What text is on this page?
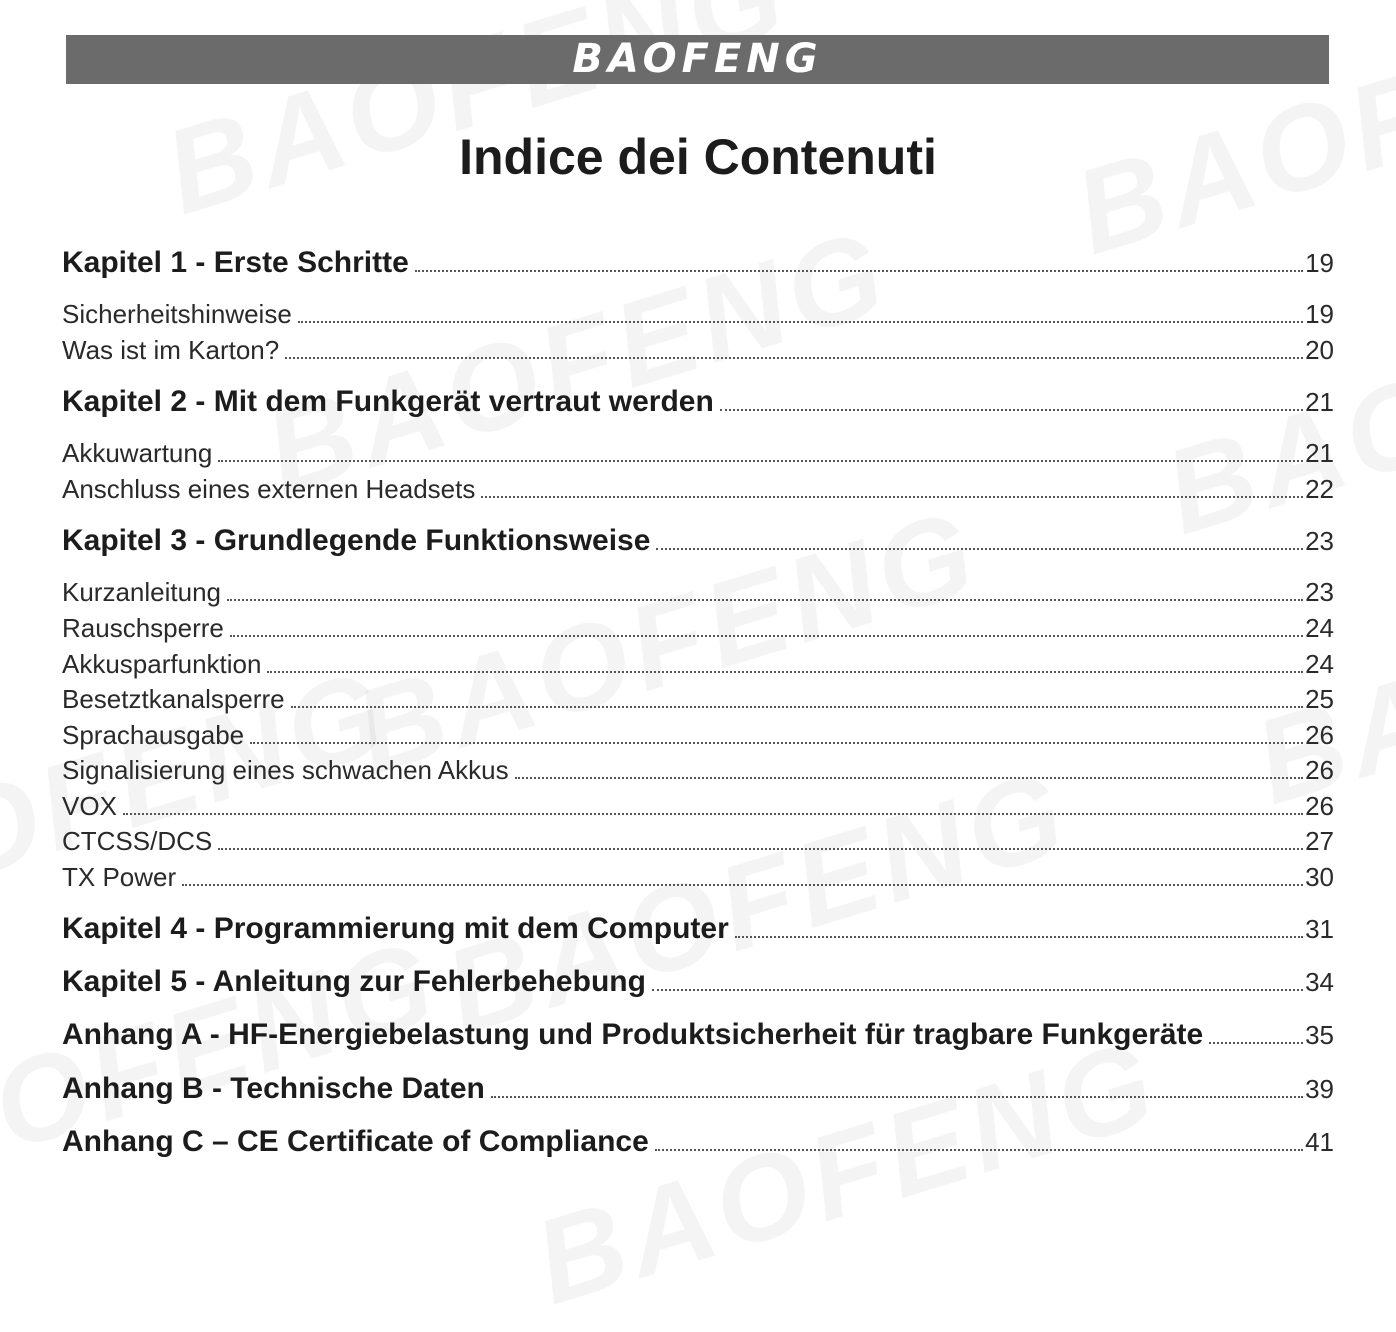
BAOFENG
Indice dei Contenuti
Kapitel 1 - Erste Schritte	19
Sicherheitshinweise	19
Was ist im Karton?	20
Kapitel 2 - Mit dem Funkgerät vertraut werden	21
Akkuwartung	21
Anschluss eines externen Headsets	22
Kapitel 3 - Grundlegende Funktionsweise	23
Kurzanleitung	23
Rauschsperre	24
Akkusparfunktion	24
Besetztkanalsperre	25
Sprachausgabe	26
Signalisierung eines schwachen Akkus	26
VOX	26
CTCSS/DCS	27
TX Power	30
Kapitel 4 - Programmierung mit dem Computer	31
Kapitel 5 - Anleitung zur Fehlerbehebung	34
Anhang A - HF-Energiebelastung und Produktsicherheit für tragbare Funkgeräte	35
Anhang B - Technische Daten	39
Anhang C – CE Certificate of Compliance	41
